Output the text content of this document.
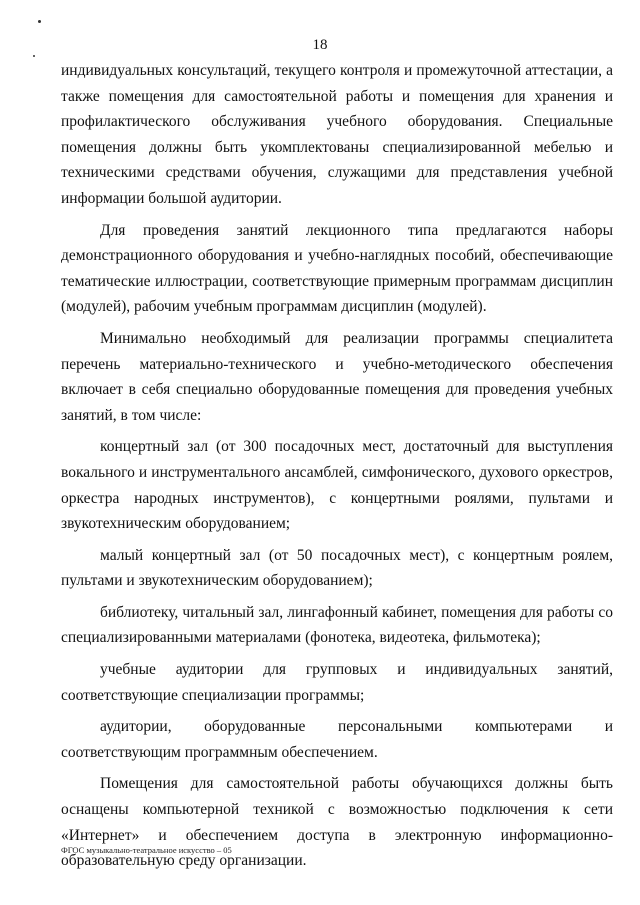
18

индивидуальных консультаций, текущего контроля и промежуточной аттестации, а также помещения для самостоятельной работы и помещения для хранения и профилактического обслуживания учебного оборудования. Специальные помещения должны быть укомплектованы специализированной мебелью и техническими средствами обучения, служащими для представления учебной информации большой аудитории.

Для проведения занятий лекционного типа предлагаются наборы демонстрационного оборудования и учебно-наглядных пособий, обеспечивающие тематические иллюстрации, соответствующие примерным программам дисциплин (модулей), рабочим учебным программам дисциплин (модулей).

Минимально необходимый для реализации программы специалитета перечень материально-технического и учебно-методического обеспечения включает в себя специально оборудованные помещения для проведения учебных занятий, в том числе:

концертный зал (от 300 посадочных мест, достаточный для выступления вокального и инструментального ансамблей, симфонического, духового оркестров, оркестра народных инструментов), с концертными роялями, пультами и звукотехническим оборудованием;

малый концертный зал (от 50 посадочных мест), с концертным роялем, пультами и звукотехническим оборудованием);

библиотеку, читальный зал, лингафонный кабинет, помещения для работы со специализированными материалами (фонотека, видеотека, фильмотека);

учебные аудитории для групповых и индивидуальных занятий, соответствующие специализации программы;

аудитории, оборудованные персональными компьютерами и соответствующим программным обеспечением.

Помещения для самостоятельной работы обучающихся должны быть оснащены компьютерной техникой с возможностью подключения к сети «Интернет» и обеспечением доступа в электронную информационно-образовательную среду организации.

ФГОС музыкально-театральное искусство – 05
